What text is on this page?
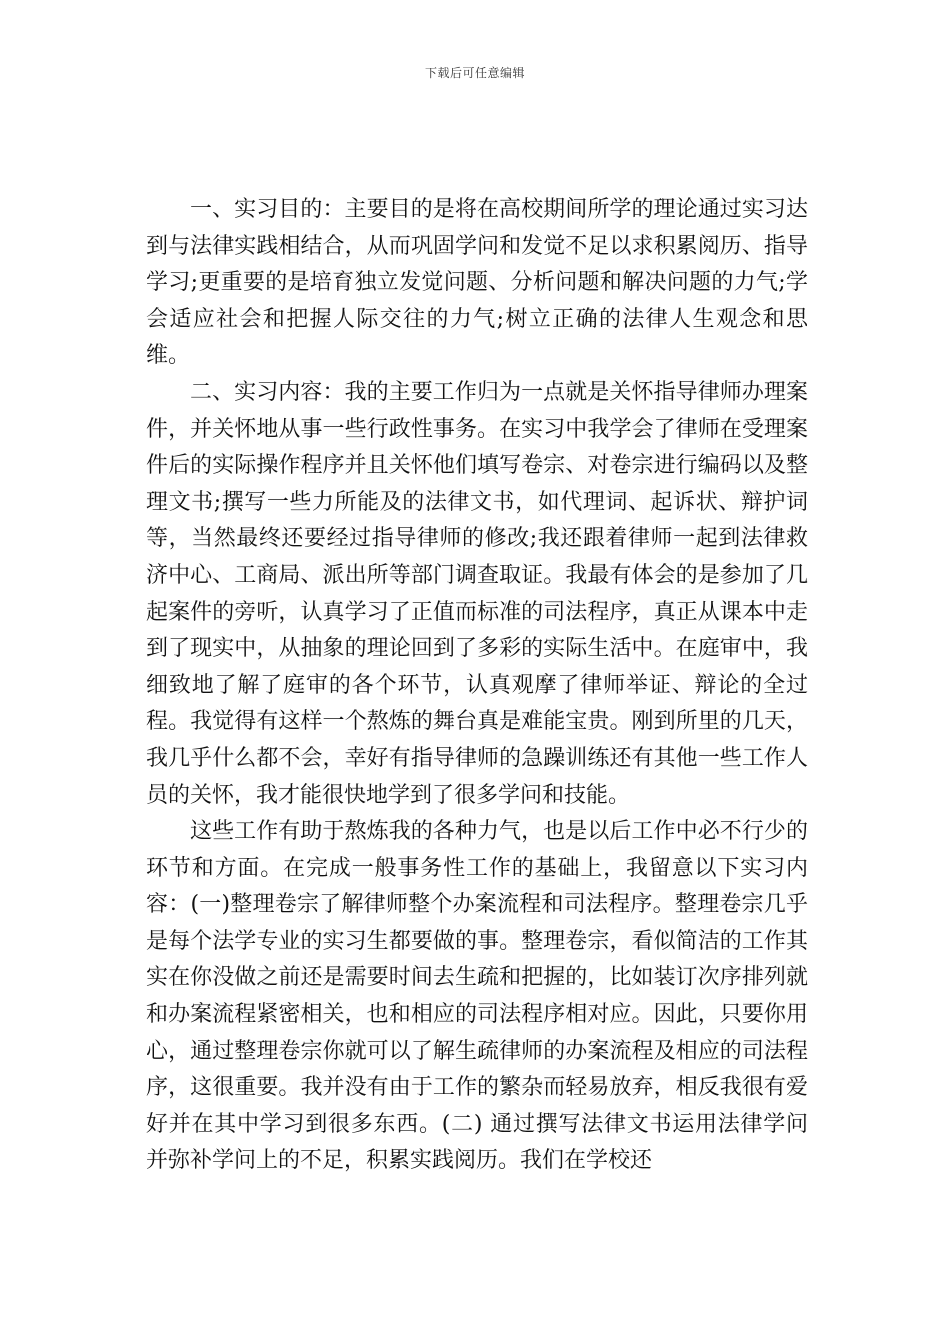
下载后可任意编辑

一、实习目的：主要目的是将在高校期间所学的理论通过实习达到与法律实践相结合，从而巩固学问和发觉不足以求积累阅历、指导学习;更重要的是培育独立发觉问题、分析问题和解决问题的力气;学会适应社会和把握人际交往的力气;树立正确的法律人生观念和思维。

二、实习内容：我的主要工作归为一点就是关怀指导律师办理案件，并关怀地从事一些行政性事务。在实习中我学会了律师在受理案件后的实际操作程序并且关怀他们填写卷宗、对卷宗进行编码以及整理文书;撰写一些力所能及的法律文书，如代理词、起诉状、辩护词等，当然最终还要经过指导律师的修改;我还跟着律师一起到法律救济中心、工商局、派出所等部门调查取证。我最有体会的是参加了几起案件的旁听，认真学习了正值而标准的司法程序，真正从课本中走到了现实中，从抽象的理论回到了多彩的实际生活中。在庭审中，我细致地了解了庭审的各个环节，认真观摩了律师举证、辩论的全过程。我觉得有这样一个熬炼的舞台真是难能宝贵。刚到所里的几天，我几乎什么都不会，幸好有指导律师的急躁训练还有其他一些工作人员的关怀，我才能很快地学到了很多学问和技能。

这些工作有助于熬炼我的各种力气，也是以后工作中必不行少的环节和方面。在完成一般事务性工作的基础上，我留意以下实习内容：(一)整理卷宗了解律师整个办案流程和司法程序。整理卷宗几乎是每个法学专业的实习生都要做的事。整理卷宗，看似简洁的工作其实在你没做之前还是需要时间去生疏和把握的，比如装订次序排列就和办案流程紧密相关，也和相应的司法程序相对应。因此，只要你用心，通过整理卷宗你就可以了解生疏律师的办案流程及相应的司法程序，这很重要。我并没有由于工作的繁杂而轻易放弃，相反我很有爱好并在其中学习到很多东西。(二) 通过撰写法律文书运用法律学问并弥补学问上的不足，积累实践阅历。我们在学校还
